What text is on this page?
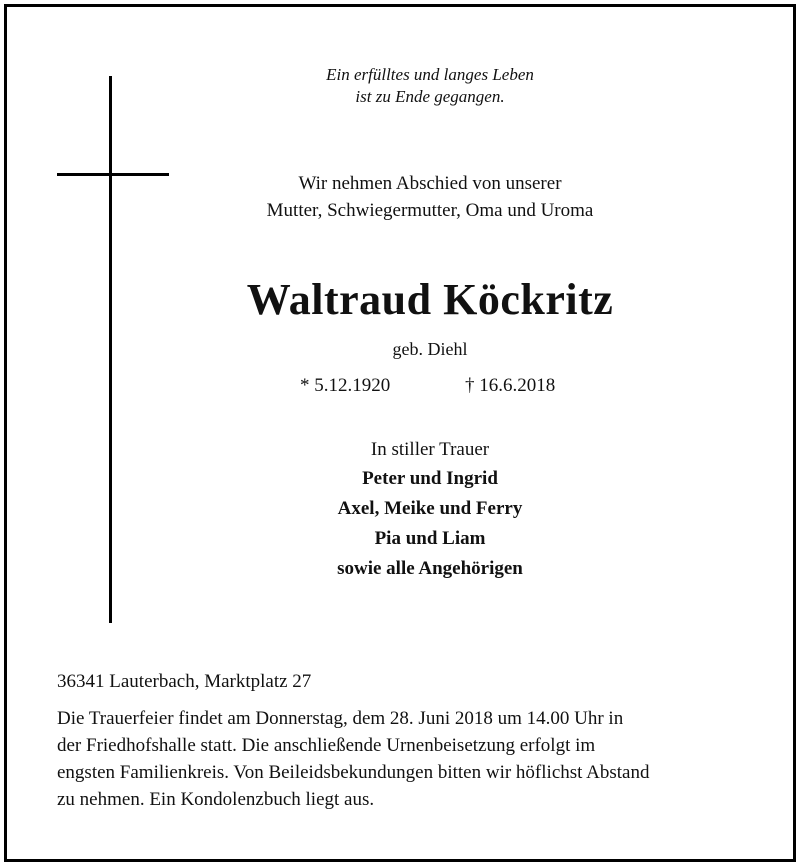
Ein erfülltes und langes Leben
ist zu Ende gegangen.
Wir nehmen Abschied von unserer
Mutter, Schwiegermutter, Oma und Uroma
Waltraud Köckritz
geb. Diehl
* 5.12.1920	† 16.6.2018
In stiller Trauer
Peter und Ingrid
Axel, Meike und Ferry
Pia und Liam
sowie alle Angehörigen
36341 Lauterbach, Marktplatz 27
Die Trauerfeier findet am Donnerstag, dem 28. Juni 2018 um 14.00 Uhr in
der Friedhofshalle statt. Die anschließende Urnenbeisetzung erfolgt im
engsten Familienkreis. Von Beileidsbekundungen bitten wir höflichst Abstand
zu nehmen. Ein Kondolenzbuch liegt aus.
